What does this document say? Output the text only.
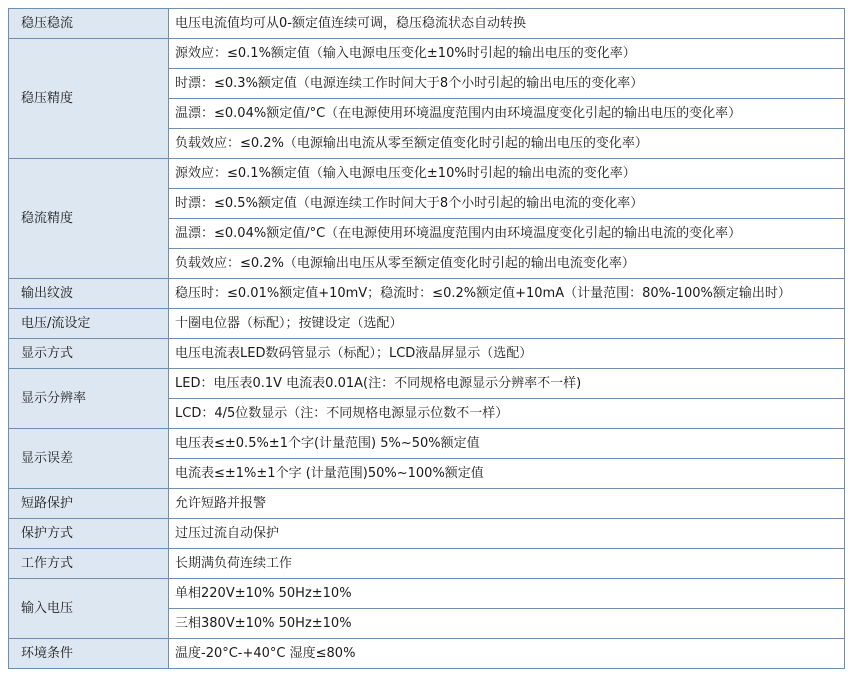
稳压稳流	电压电流值均可从0-额定值连续可调，稳压稳流状态自动转换
稳压精度	源效应：≤0.1%额定值（输入电源电压变化±10%时引起的输出电压的变化率）
	时漂：≤0.3%额定值（电源连续工作时间大于8个小时引起的输出电压的变化率）
	温漂：≤0.04%额定值/°C（在电源使用环境温度范围内由环境温度变化引起的输出电压的变化率）
	负载效应：≤0.2%（电源输出电流从零至额定值变化时引起的输出电压的变化率）
稳流精度	源效应：≤0.1%额定值（输入电源电压变化±10%时引起的输出电流的变化率）
	时漂：≤0.5%额定值（电源连续工作时间大于8个小时引起的输出电流的变化率）
	温漂：≤0.04%额定值/°C（在电源使用环境温度范围内由环境温度变化引起的输出电流的变化率）
	负载效应：≤0.2%（电源输出电压从零至额定值变化时引起的输出电流变化率）
输出纹波	稳压时：≤0.01%额定值+10mV；稳流时：≤0.2%额定值+10mA（计量范围：80%-100%额定输出时）
电压/流设定	十圈电位器（标配）；按键设定（选配）
显示方式	电压电流表LED数码管显示（标配）；LCD液晶屏显示（选配）
显示分辨率	LED：电压表0.1V 电流表0.01A(注：不同规格电源显示分辨率不一样)
	LCD：4/5位数显示（注：不同规格电源显示位数不一样）
显示误差	电压表≤±0.5%±1个字(计量范围) 5%~50%额定值
	电流表≤±1%±1个字 (计量范围)50%~100%额定值
短路保护	允许短路并报警
保护方式	过压过流自动保护
工作方式	长期满负荷连续工作
输入电压	单相220V±10% 50Hz±10%
	三相380V±10% 50Hz±10%
环境条件	温度-20°C-+40°C 湿度≤80%
